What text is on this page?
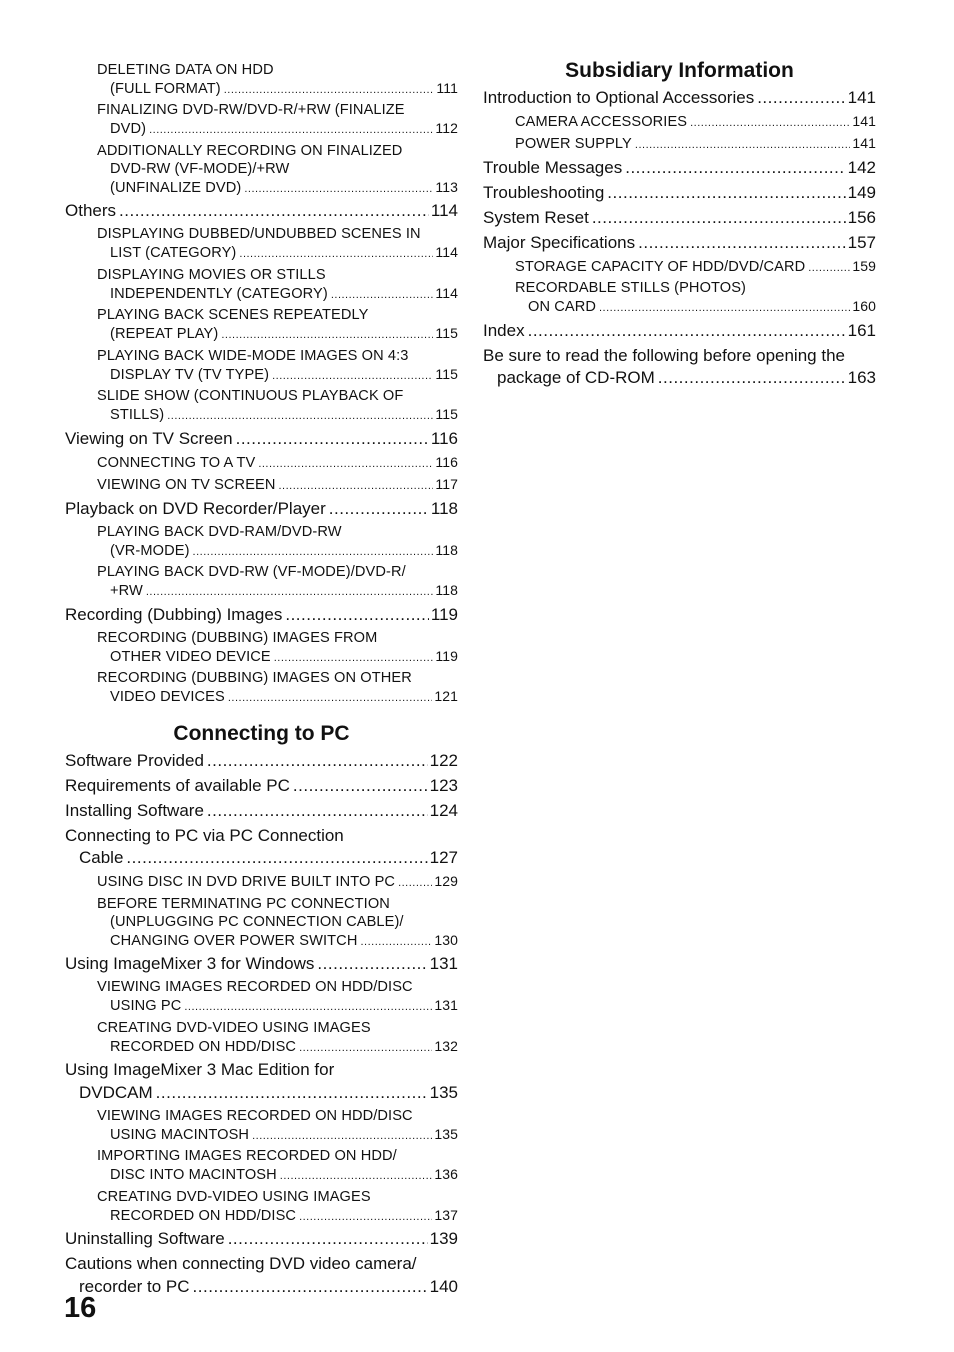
DELETING DATA ON HDD
(FULL FORMAT) .....	111
FINALIZING DVD-RW/DVD-R/+RW (FINALIZE
DVD) .....	112
ADDITIONALLY RECORDING ON FINALIZED
DVD-RW (VF-MODE)/+RW
(UNFINALIZE DVD) .....	113
Others .....	114
DISPLAYING DUBBED/UNDUBBED SCENES IN
LIST (CATEGORY) .....	114
DISPLAYING MOVIES OR STILLS
INDEPENDENTLY (CATEGORY) .....	114
PLAYING BACK SCENES REPEATEDLY
(REPEAT PLAY) .....	115
PLAYING BACK WIDE-MODE IMAGES ON 4:3
DISPLAY TV (TV TYPE) .....	115
SLIDE SHOW (CONTINUOUS PLAYBACK OF
STILLS) .....	115
Viewing on TV Screen .....	116
CONNECTING TO A TV .....	116
VIEWING ON TV SCREEN .....	117
Playback on DVD Recorder/Player .....	118
PLAYING BACK DVD-RAM/DVD-RW
(VR-MODE) .....	118
PLAYING BACK DVD-RW (VF-MODE)/DVD-R/
+RW .....	118
Recording (Dubbing) Images .....	119
RECORDING (DUBBING) IMAGES FROM
OTHER VIDEO DEVICE .....	119
RECORDING (DUBBING) IMAGES ON OTHER
VIDEO DEVICES .....	121
Connecting to PC
Software Provided .....	122
Requirements of available PC .....	123
Installing Software .....	124
Connecting to PC via PC Connection
Cable .....	127
USING DISC IN DVD DRIVE BUILT INTO PC .....	129
BEFORE TERMINATING PC CONNECTION
(UNPLUGGING PC CONNECTION CABLE)/
CHANGING OVER POWER SWITCH .....	130
Using ImageMixer 3 for Windows .....	131
VIEWING IMAGES RECORDED ON HDD/DISC
USING PC .....	131
CREATING DVD-VIDEO USING IMAGES
RECORDED ON HDD/DISC .....	132
Using ImageMixer 3 Mac Edition for
DVDCAM .....	135
VIEWING IMAGES RECORDED ON HDD/DISC
USING MACINTOSH .....	135
IMPORTING IMAGES RECORDED ON HDD/
DISC INTO MACINTOSH .....	136
CREATING DVD-VIDEO USING IMAGES
RECORDED ON HDD/DISC .....	137
Uninstalling Software .....	139
Cautions when connecting DVD video camera/
recorder to PC .....	140
Subsidiary Information
Introduction to Optional Accessories .....	141
CAMERA ACCESSORIES .....	141
POWER SUPPLY .....	141
Trouble Messages .....	142
Troubleshooting .....	149
System Reset .....	156
Major Specifications .....	157
STORAGE CAPACITY OF HDD/DVD/CARD .....	159
RECORDABLE STILLS (PHOTOS)
ON CARD .....	160
Index .....	161
Be sure to read the following before opening the
package of CD-ROM .....	163
16
